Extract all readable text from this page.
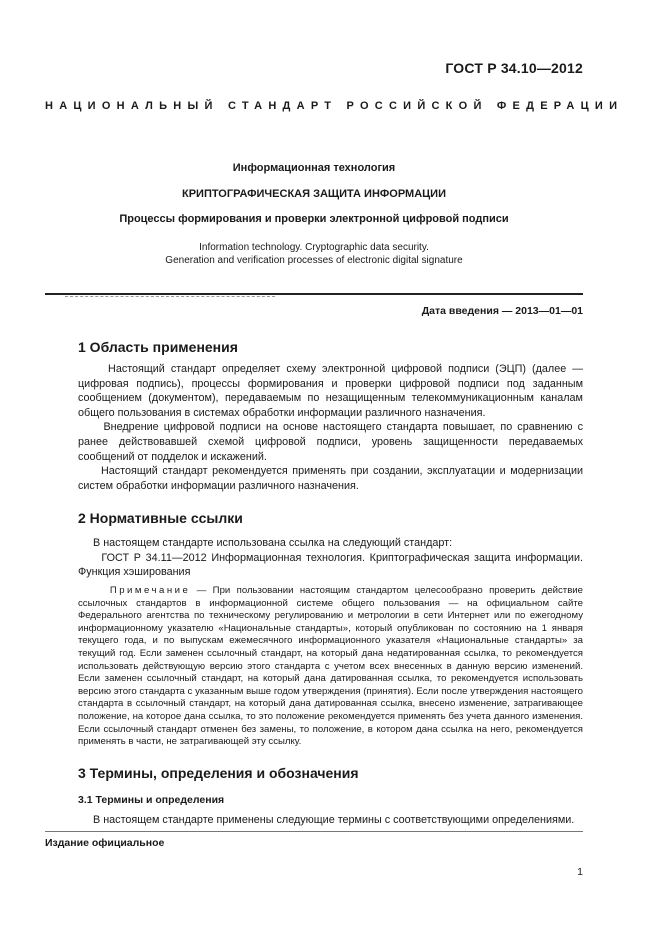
ГОСТ Р 34.10—2012
НАЦИОНАЛЬНЫЙ СТАНДАРТ РОССИЙСКОЙ ФЕДЕРАЦИИ
Информационная технология
КРИПТОГРАФИЧЕСКАЯ ЗАЩИТА ИНФОРМАЦИИ
Процессы формирования и проверки электронной цифровой подписи
Information technology. Cryptographic data security.
Generation and verification processes of electronic digital signature
Дата введения — 2013—01—01
1 Область применения

Настоящий стандарт определяет схему электронной цифровой подписи (ЭЦП) (далее — цифровая подпись), процессы формирования и проверки цифровой подписи под заданным сообщением (документом), передаваемым по незащищенным телекоммуникационным каналам общего пользования в системах обработки информации различного назначения.

Внедрение цифровой подписи на основе настоящего стандарта повышает, по сравнению с ранее действовавшей схемой цифровой подписи, уровень защищенности передаваемых сообщений от подделок и искажений.

Настоящий стандарт рекомендуется применять при создании, эксплуатации и модернизации систем обработки информации различного назначения.

2 Нормативные ссылки

В настоящем стандарте использована ссылка на следующий стандарт:

ГОСТ Р 34.11—2012 Информационная технология. Криптографическая защита информации. Функция хэширования

Примечание — При пользовании настоящим стандартом целесообразно проверить действие ссылочных стандартов в информационной системе общего пользования — на официальном сайте Федерального агентства по техническому регулированию и метрологии в сети Интернет или по ежегодному информационному указателю «Национальные стандарты», который опубликован по состоянию на 1 января текущего года, и по выпускам ежемесячного информационного указателя «Национальные стандарты» за текущий год. Если заменен ссылочный стандарт, на который дана недатированная ссылка, то рекомендуется использовать действующую версию этого стандарта с учетом всех внесенных в данную версию изменений. Если заменен ссылочный стандарт, на который дана датированная ссылка, то рекомендуется использовать версию этого стандарта с указанным выше годом утверждения (принятия). Если после утверждения настоящего стандарта в ссылочный стандарт, на который дана датированная ссылка, внесено изменение, затрагивающее положение, на которое дана ссылка, то это положение рекомендуется применять без учета данного изменения. Если ссылочный стандарт отменен без замены, то положение, в котором дана ссылка на него, рекомендуется применять в части, не затрагивающей эту ссылку.

3 Термины, определения и обозначения
3.1 Термины и определения

В настоящем стандарте применены следующие термины с соответствующими определениями.

Издание официальное
1
